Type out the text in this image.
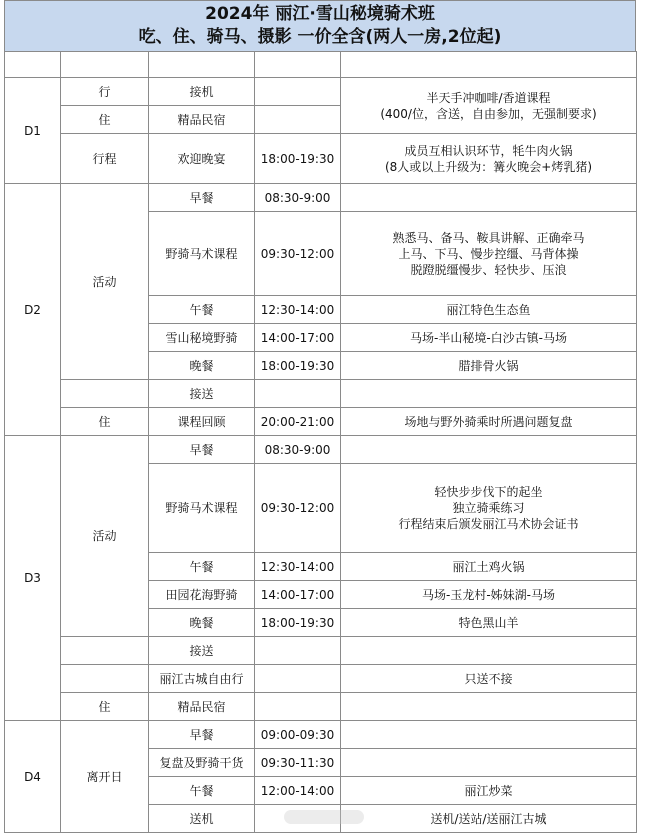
2024年 丽江·雪山秘境骑术班
吃、住、骑马、摄影 一价全含(两人一房,2位起)

D1	行	接机		半天手冲咖啡/香道课程
(400/位，含送，自由参加，无强制要求)
	住	精品民宿		
	行程	欢迎晚宴	18:00-19:30	成员互相认识环节，牦牛肉火锅
(8人或以上升级为：篝火晚会+烤乳猪)
D2	活动	早餐	08:30-9:00	
		野骑马术课程	09:30-12:00	熟悉马、备马、鞍具讲解、正确牵马
上马、下马、慢步控缰、马背体操
脱蹬脱缰慢步、轻快步、压浪
		午餐	12:30-14:00	丽江特色生态鱼
		雪山秘境野骑	14:00-17:00	马场-半山秘境-白沙古镇-马场
		晚餐	18:00-19:30	腊排骨火锅
		接送		
	住	课程回顾	20:00-21:00	场地与野外骑乘时所遇问题复盘
D3	活动	早餐	08:30-9:00	
		野骑马术课程	09:30-12:00	轻快步步伐下的起坐
独立骑乘练习
行程结束后颁发丽江马术协会证书
		午餐	12:30-14:00	丽江土鸡火锅
		田园花海野骑	14:00-17:00	马场-玉龙村-姊妹湖-马场
		晚餐	18:00-19:30	特色黑山羊
		接送		
		丽江古城自由行		只送不接
	住	精品民宿		
D4	离开日	早餐	09:00-09:30	
		复盘及野骑干货	09:30-11:30	
		午餐	12:00-14:00	丽江炒菜
		送机		送机/送站/送丽江古城
